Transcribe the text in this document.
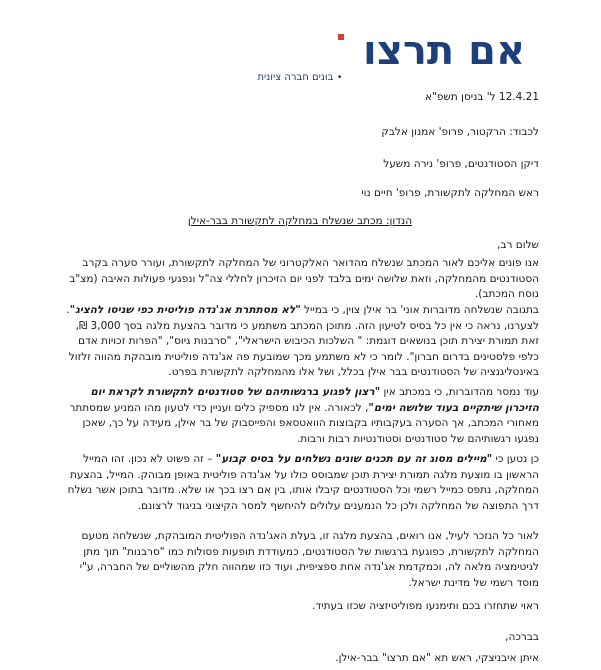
אם תרצו
• בונים חברה ציונית
12.4.21 ל' בניסן תשפ"א
לכבוד: הרקטור, פרופ' אמנון אלבק
דיקן הסטודנטים, פרופ' נירה משעל
ראש המחלקה לתקשורת, פרופ' חיים נוי
הנדון: מכתב שנשלח במחלקה לתקשורת בבר-אילן
שלום רב,
אנו פונים אליכם לאור המכתב שנשלח מהדואר האלקטרוני של המחלקה לתקשורת, ועורר סערה בקרב הסטודנטים מהמחלקה, וזאת שלושה ימים בלבד לפני יום הזיכרון לחללי צה"ל ונפגעי פעולות האיבה (מצ"ב נוסח המכתב).
בתגובה שנשלחה מדוברות אוני' בר אילן צוין, כי במייל "לא מסתתרת אג'נדה פוליטית כפי שניסו להציג". לצערנו, נראה כי אין כל בסיס לטיעון הזה. מתוכן המכתב משתמע כי מדובר בהצעת מלגה בסך 3,000 ₪, זאת תמורת יצירת תוכן בנושאים דוגמת: " השלכות הכיבוש הישראלי", "סרבנות גיוס", "הפרות זכויות אדם כלפי פלסטינים בדרום חברון". לומר כי לא משתמע מכך שמובעת פה אג'נדה פוליטית מובהקת מהווה זלזול באינטליגנציה של הסטודנטים בבר אילן בכלל, ושל אלו מהמחלקה לתקשורת בפרט.
עוד נמסר מהדוברות, כי במכתב אין "רצון לפגוע ברגשותיהם של סטודנטים לתקשורת לקראת יום הזיכרון שיתקיים בעוד שלושה ימים", לכאורה. אין לנו מספיק כלים ועניין כדי לטעון מהו המניע שמסתתר מאחורי המכתב, אך הסערה בעקבותיו בקבוצות הוואטסאפ והפייסבוק של בר אילן, מעידה על כך, שאכן נפגעו רגשותיהם של סטודנטים וסטודנטיות רבות ורבות.
כן נטען כי "מיילים מסוג זה עם תכנים שונים נשלחים על בסיס קבוע" – זה פשוט לא נכון. זהו המייל הראשון בו מוצעת מלגה תמורת יצירת תוכן שמבוסס כולו על אג'נדה פוליטית באופן מבוהק. המייל, בהצעת המחלקה, נתפס כמייל רשמי וכל הסטודנטים קיבלו אותו, בין אם רצו בכך או שלא. מדובר בתוכן אשר נשלח דרך התפוצה של המחלקה ולכן כל הנמענים עלולים להיחשף למסר הקיצוני בניגוד לרצונם.
לאור כל הנזכר לעיל, אנו רואים, בהצעת מלגה זו, בעלת האג'נדה הפוליטית המובהקת, שנשלחה מטעם המחלקה לתקשורת, כפוגעת ברגשות של הסטודנטים, כמעודדת תופעות פסולות כמו "סרבנות" תוך מתן לגיטימציה מלאה לה, וכמקדמת אג'נדה אחת ספציפית, ועוד כזו שמהווה חלק מהשוליים של החברה, ע"י מוסד רשמי של מדינת ישראל.
ראוי שתחזרו בכם ותימנעו מפוליטיזציה שכזו בעתיד.
בברכה,
איתן איבניצקי, ראש תא "אם תרצו" בבר-אילן.
